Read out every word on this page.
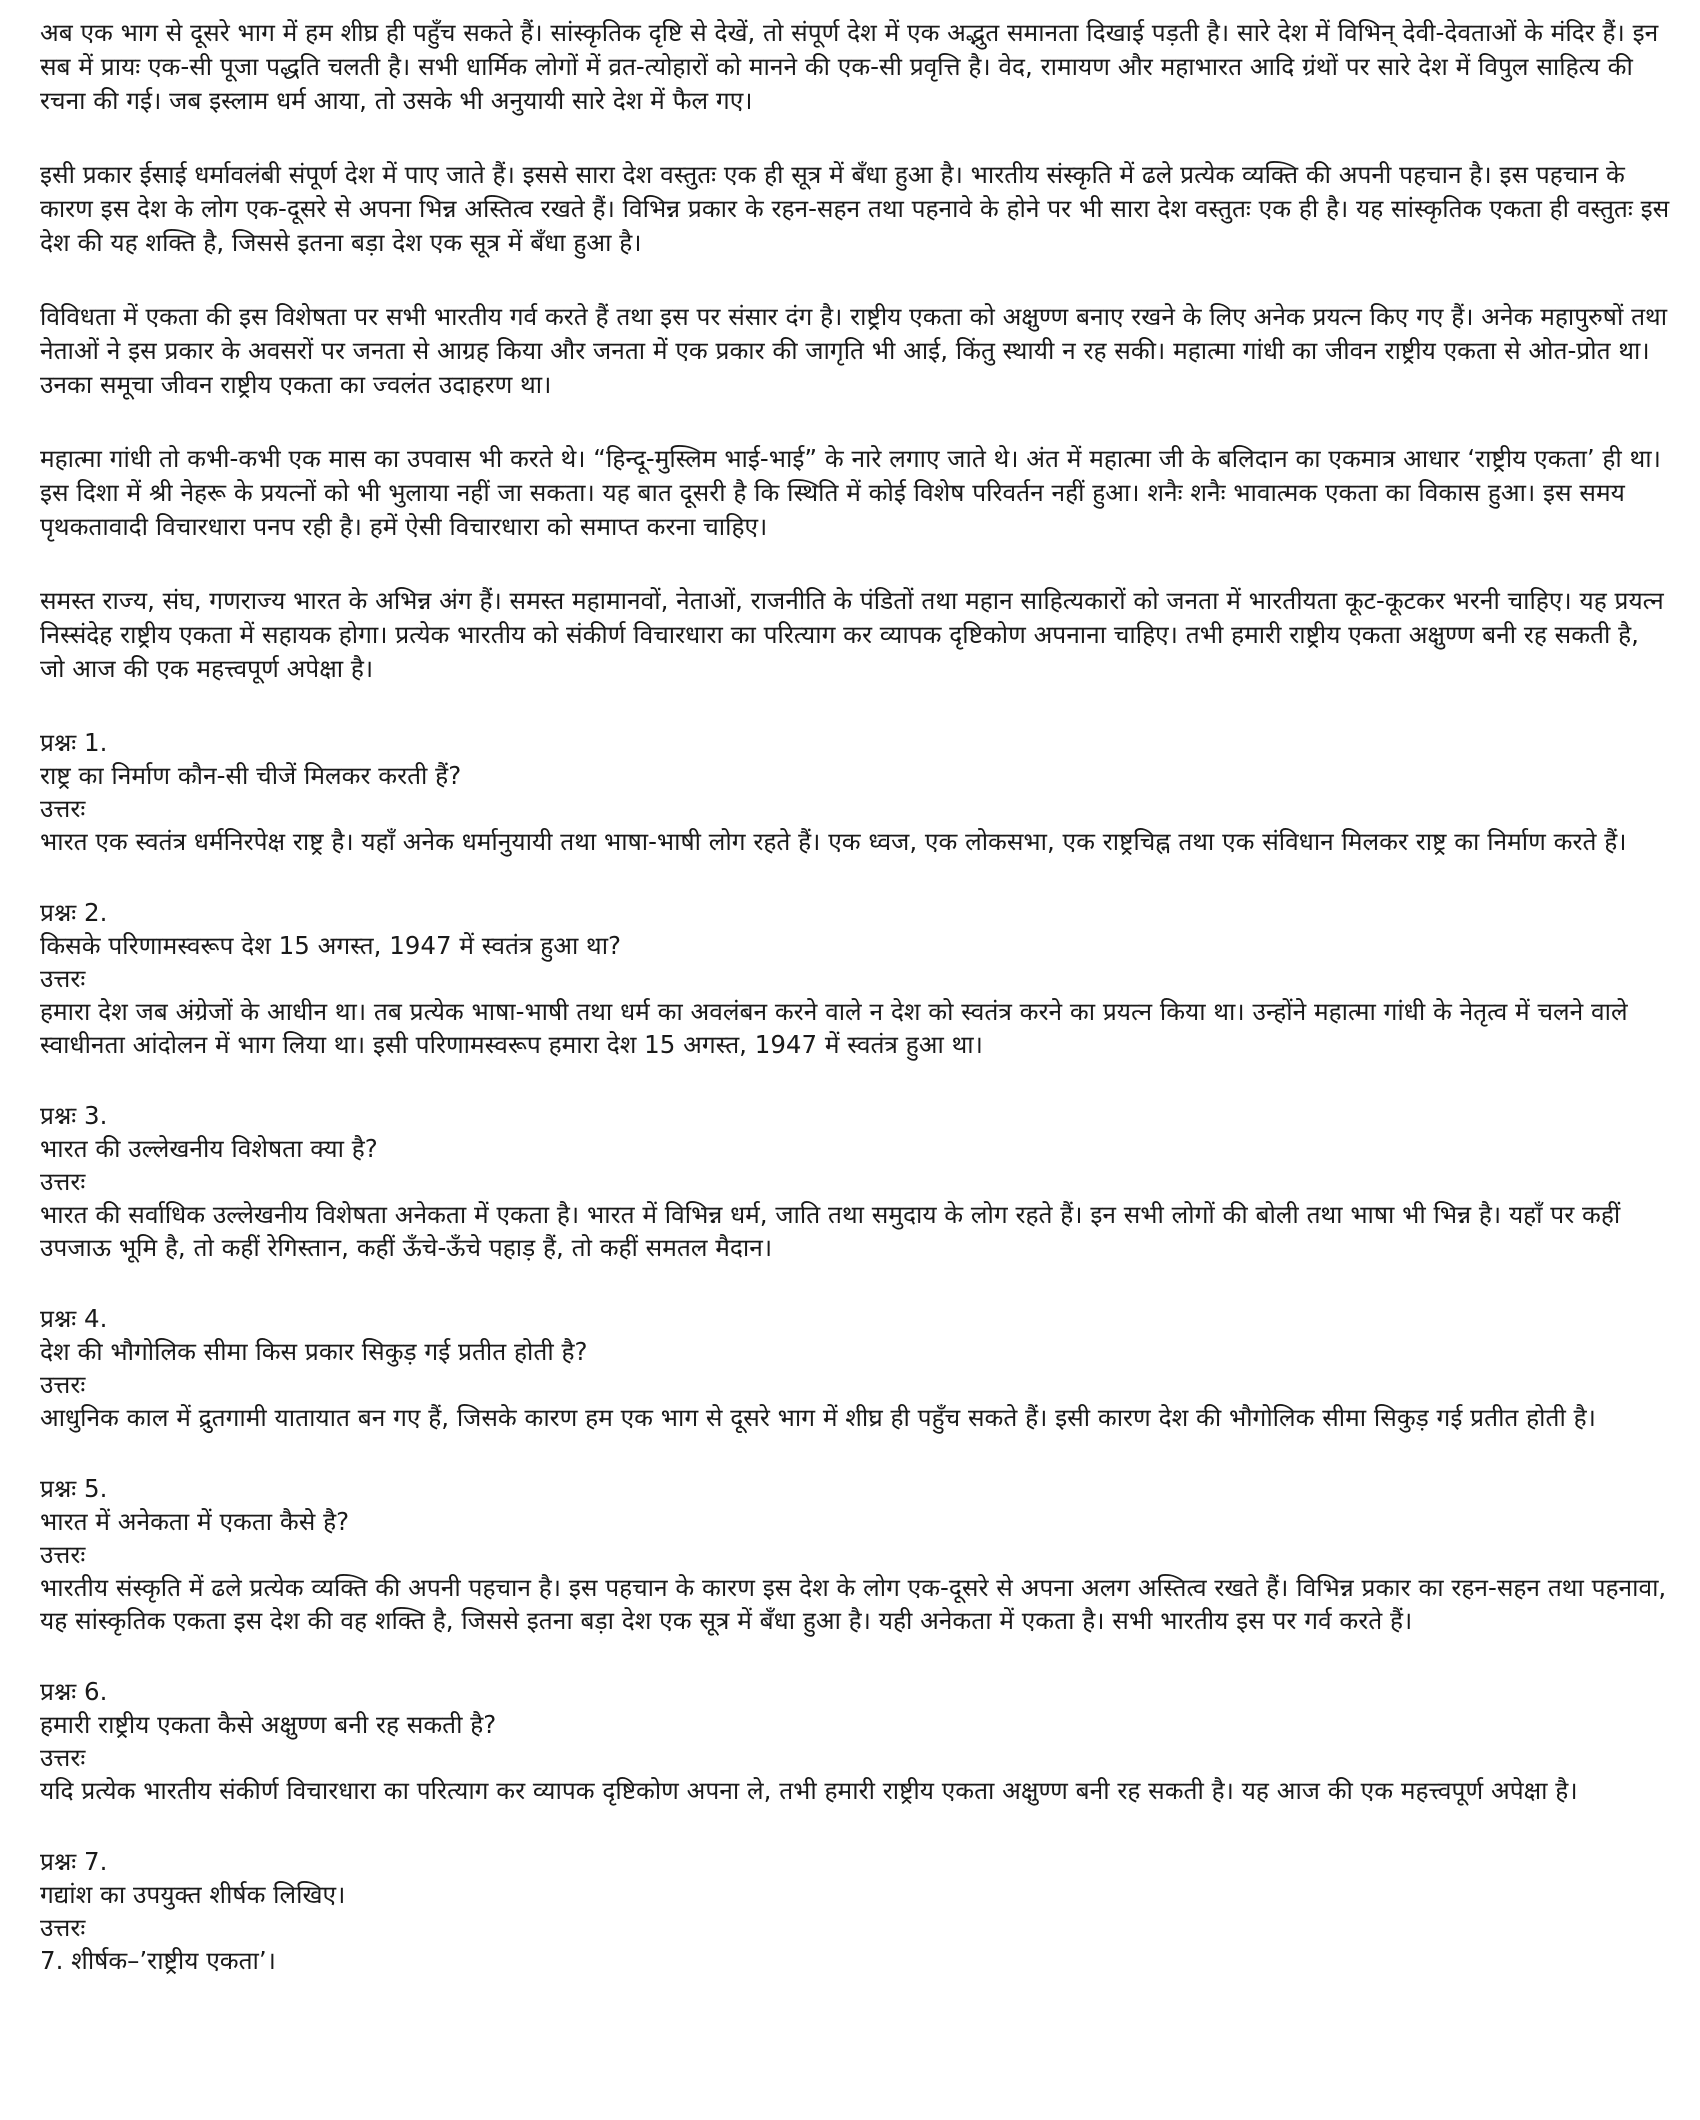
अब एक भाग से दूसरे भाग में हम शीघ्र ही पहुँच सकते हैं। सांस्कृतिक दृष्टि से देखें, तो संपूर्ण देश में एक अद्भुत समानता दिखाई पड़ती है। सारे देश में विभिन् देवी-देवताओं के मंदिर हैं। इन सब में प्रायः एक-सी पूजा पद्धति चलती है। सभी धार्मिक लोगों में व्रत-त्योहारों को मानने की एक-सी प्रवृत्ति है। वेद, रामायण और महाभारत आदि ग्रंथों पर सारे देश में विपुल साहित्य की रचना की गई। जब इस्लाम धर्म आया, तो उसके भी अनुयायी सारे देश में फैल गए।

इसी प्रकार ईसाई धर्मावलंबी संपूर्ण देश में पाए जाते हैं। इससे सारा देश वस्तुतः एक ही सूत्र में बँधा हुआ है। भारतीय संस्कृति में ढले प्रत्येक व्यक्ति की अपनी पहचान है। इस पहचान के कारण इस देश के लोग एक-दूसरे से अपना भिन्न अस्तित्व रखते हैं। विभिन्न प्रकार के रहन-सहन तथा पहनावे के होने पर भी सारा देश वस्तुतः एक ही है। यह सांस्कृतिक एकता ही वस्तुतः इस देश की यह शक्ति है, जिससे इतना बड़ा देश एक सूत्र में बँधा हुआ है।

विविधता में एकता की इस विशेषता पर सभी भारतीय गर्व करते हैं तथा इस पर संसार दंग है। राष्ट्रीय एकता को अक्षुण्ण बनाए रखने के लिए अनेक प्रयत्न किए गए हैं। अनेक महापुरुषों तथा नेताओं ने इस प्रकार के अवसरों पर जनता से आग्रह किया और जनता में एक प्रकार की जागृति भी आई, किंतु स्थायी न रह सकी। महात्मा गांधी का जीवन राष्ट्रीय एकता से ओत-प्रोत था। उनका समूचा जीवन राष्ट्रीय एकता का ज्वलंत उदाहरण था।

महात्मा गांधी तो कभी-कभी एक मास का उपवास भी करते थे। “हिन्दू-मुस्लिम भाई-भाई” के नारे लगाए जाते थे। अंत में महात्मा जी के बलिदान का एकमात्र आधार ‘राष्ट्रीय एकता’ ही था। इस दिशा में श्री नेहरू के प्रयत्नों को भी भुलाया नहीं जा सकता। यह बात दूसरी है कि स्थिति में कोई विशेष परिवर्तन नहीं हुआ। शनैः शनैः भावात्मक एकता का विकास हुआ। इस समय पृथकतावादी विचारधारा पनप रही है। हमें ऐसी विचारधारा को समाप्त करना चाहिए।

समस्त राज्य, संघ, गणराज्य भारत के अभिन्न अंग हैं। समस्त महामानवों, नेताओं, राजनीति के पंडितों तथा महान साहित्यकारों को जनता में भारतीयता कूट-कूटकर भरनी चाहिए। यह प्रयत्न निस्संदेह राष्ट्रीय एकता में सहायक होगा। प्रत्येक भारतीय को संकीर्ण विचारधारा का परित्याग कर व्यापक दृष्टिकोण अपनाना चाहिए। तभी हमारी राष्ट्रीय एकता अक्षुण्ण बनी रह सकती है, जो आज की एक महत्त्वपूर्ण अपेक्षा है।

प्रश्नः 1.
राष्ट्र का निर्माण कौन-सी चीजें मिलकर करती हैं?
उत्तरः
भारत एक स्वतंत्र धर्मनिरपेक्ष राष्ट्र है। यहाँ अनेक धर्मानुयायी तथा भाषा-भाषी लोग रहते हैं। एक ध्वज, एक लोकसभा, एक राष्ट्रचिह्न तथा एक संविधान मिलकर राष्ट्र का निर्माण करते हैं।
प्रश्नः 2.
किसके परिणामस्वरूप देश 15 अगस्त, 1947 में स्वतंत्र हुआ था?
उत्तरः
हमारा देश जब अंग्रेजों के आधीन था। तब प्रत्येक भाषा-भाषी तथा धर्म का अवलंबन करने वाले न देश को स्वतंत्र करने का प्रयत्न किया था। उन्होंने महात्मा गांधी के नेतृत्व में चलने वाले स्वाधीनता आंदोलन में भाग लिया था। इसी परिणामस्वरूप हमारा देश 15 अगस्त, 1947 में स्वतंत्र हुआ था।
प्रश्नः 3.
भारत की उल्लेखनीय विशेषता क्या है?
उत्तरः
भारत की सर्वाधिक उल्लेखनीय विशेषता अनेकता में एकता है। भारत में विभिन्न धर्म, जाति तथा समुदाय के लोग रहते हैं। इन सभी लोगों की बोली तथा भाषा भी भिन्न है। यहाँ पर कहीं उपजाऊ भूमि है, तो कहीं रेगिस्तान, कहीं ऊँचे-ऊँचे पहाड़ हैं, तो कहीं समतल मैदान।
प्रश्नः 4.
देश की भौगोलिक सीमा किस प्रकार सिकुड़ गई प्रतीत होती है?
उत्तरः
आधुनिक काल में द्रुतगामी यातायात बन गए हैं, जिसके कारण हम एक भाग से दूसरे भाग में शीघ्र ही पहुँच सकते हैं। इसी कारण देश की भौगोलिक सीमा सिकुड़ गई प्रतीत होती है।
प्रश्नः 5.
भारत में अनेकता में एकता कैसे है?
उत्तरः
भारतीय संस्कृति में ढले प्रत्येक व्यक्ति की अपनी पहचान है। इस पहचान के कारण इस देश के लोग एक-दूसरे से अपना अलग अस्तित्व रखते हैं। विभिन्न प्रकार का रहन-सहन तथा पहनावा, यह सांस्कृतिक एकता इस देश की वह शक्ति है, जिससे इतना बड़ा देश एक सूत्र में बँधा हुआ है। यही अनेकता में एकता है। सभी भारतीय इस पर गर्व करते हैं।
प्रश्नः 6.
हमारी राष्ट्रीय एकता कैसे अक्षुण्ण बनी रह सकती है?
उत्तरः
यदि प्रत्येक भारतीय संकीर्ण विचारधारा का परित्याग कर व्यापक दृष्टिकोण अपना ले, तभी हमारी राष्ट्रीय एकता अक्षुण्ण बनी रह सकती है। यह आज की एक महत्त्वपूर्ण अपेक्षा है।
प्रश्नः 7.
गद्यांश का उपयुक्त शीर्षक लिखिए।
उत्तरः
7. शीर्षक–’राष्ट्रीय एकता’।
